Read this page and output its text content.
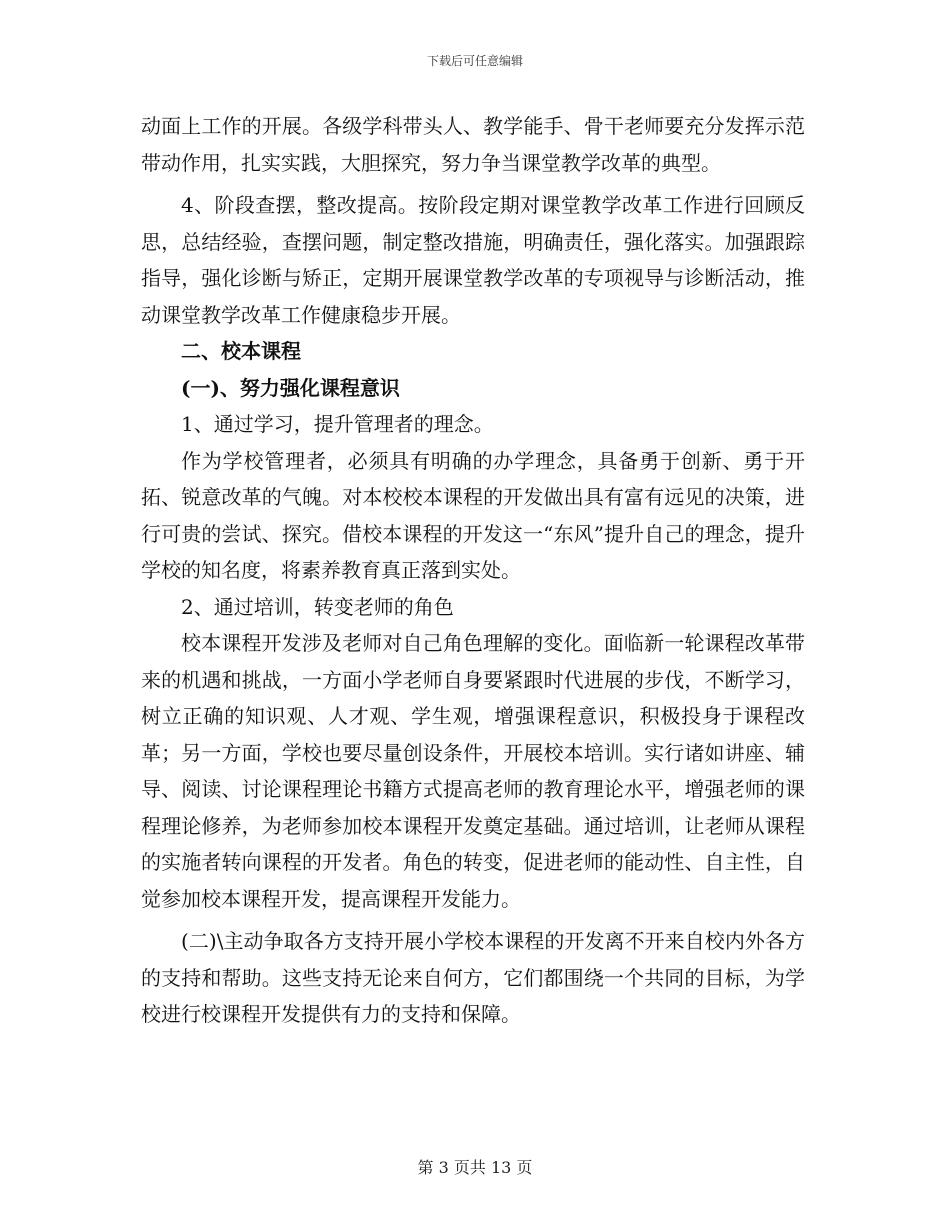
下载后可任意编辑

动面上工作的开展。各级学科带头人、教学能手、骨干老师要充分发挥示范带动作用，扎实实践，大胆探究，努力争当课堂教学改革的典型。

4、阶段查摆，整改提高。按阶段定期对课堂教学改革工作进行回顾反思，总结经验，查摆问题，制定整改措施，明确责任，强化落实。加强跟踪指导，强化诊断与矫正，定期开展课堂教学改革的专项视导与诊断活动，推动课堂教学改革工作健康稳步开展。

二、校本课程

(一)、努力强化课程意识

1、通过学习，提升管理者的理念。

作为学校管理者，必须具有明确的办学理念，具备勇于创新、勇于开拓、锐意改革的气魄。对本校校本课程的开发做出具有富有远见的决策，进行可贵的尝试、探究。借校本课程的开发这一“东风”提升自己的理念，提升学校的知名度，将素养教育真正落到实处。

2、通过培训，转变老师的角色

校本课程开发涉及老师对自己角色理解的变化。面临新一轮课程改革带来的机遇和挑战，一方面小学老师自身要紧跟时代进展的步伐，不断学习，树立正确的知识观、人才观、学生观，增强课程意识，积极投身于课程改革；另一方面，学校也要尽量创设条件，开展校本培训。实行诸如讲座、辅导、阅读、讨论课程理论书籍方式提高老师的教育理论水平，增强老师的课程理论修养，为老师参加校本课程开发奠定基础。通过培训，让老师从课程的实施者转向课程的开发者。角色的转变，促进老师的能动性、自主性，自觉参加校本课程开发，提高课程开发能力。

(二)\主动争取各方支持开展小学校本课程的开发离不开来自校内外各方的支持和帮助。这些支持无论来自何方，它们都围绕一个共同的目标，为学校进行校课程开发提供有力的支持和保障。

第 3 页共 13 页
